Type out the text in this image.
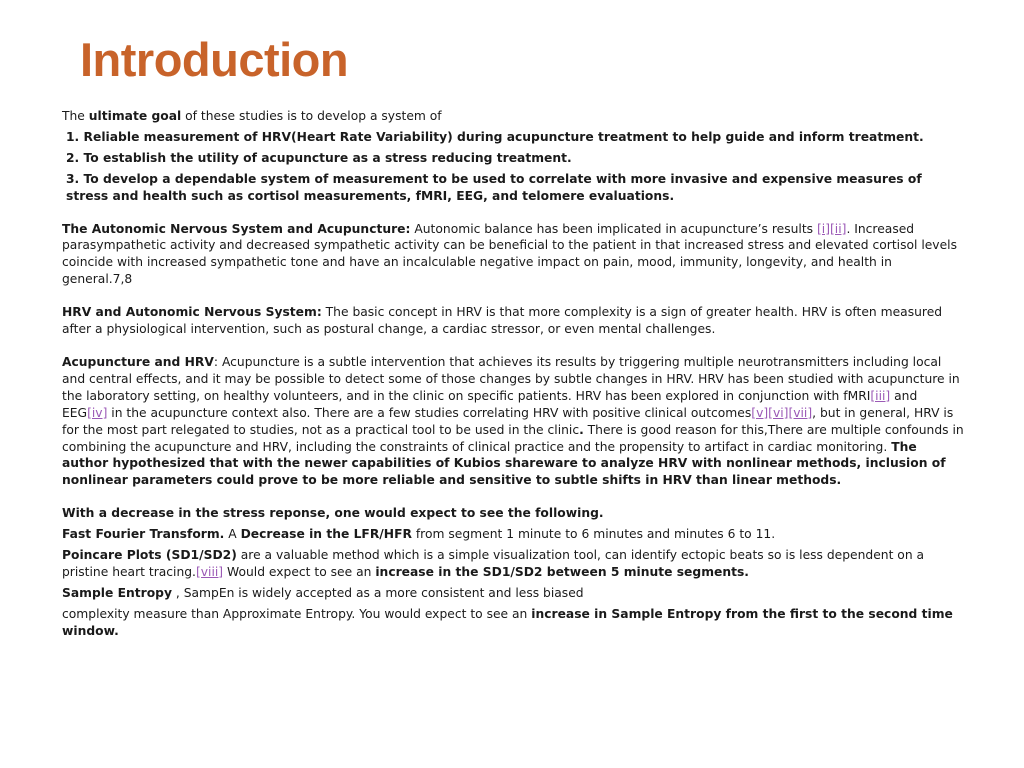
Introduction

The ultimate goal of these studies is to develop a system of

1. Reliable measurement of HRV(Heart Rate Variability) during acupuncture treatment to help guide and inform treatment.

2. To establish the utility of acupuncture as a stress reducing treatment.

3. To develop a dependable system of measurement to be used to correlate with more invasive and expensive measures of stress and health such as cortisol measurements, fMRI, EEG, and telomere evaluations.

The Autonomic Nervous System and Acupuncture: Autonomic balance has been implicated in acupuncture’s results [i][ii]. Increased parasympathetic activity and decreased sympathetic activity can be beneficial to the patient in that increased stress and elevated cortisol levels coincide with increased sympathetic tone and have an incalculable negative impact on pain, mood, immunity, longevity, and health in general.7,8

HRV and Autonomic Nervous System: The basic concept in HRV is that more complexity is a sign of greater health. HRV is often measured after a physiological intervention, such as postural change, a cardiac stressor, or even mental challenges.

Acupuncture and HRV: Acupuncture is a subtle intervention that achieves its results by triggering multiple neurotransmitters including local and central effects, and it may be possible to detect some of those changes by subtle changes in HRV. HRV has been studied with acupuncture in the laboratory setting, on healthy volunteers, and in the clinic on specific patients. HRV has been explored in conjunction with fMRI[iii] and EEG[iv] in the acupuncture context also. There are a few studies correlating HRV with positive clinical outcomes[v][vi][vii], but in general, HRV is for the most part relegated to studies, not as a practical tool to be used in the clinic. There is good reason for this,There are multiple confounds in combining the acupuncture and HRV, including the constraints of clinical practice and the propensity to artifact in cardiac monitoring. The author hypothesized that with the newer capabilities of Kubios shareware to analyze HRV with nonlinear methods, inclusion of nonlinear parameters could prove to be more reliable and sensitive to subtle shifts in HRV than linear methods.

With a decrease in the stress reponse, one would expect to see the following.

Fast Fourier Transform. A Decrease in the LFR/HFR from segment 1 minute to 6 minutes and minutes 6 to 11.

Poincare Plots (SD1/SD2) are a valuable method which is a simple visualization tool, can identify ectopic beats so is less dependent on a pristine heart tracing.[viii] Would expect to see an increase in the SD1/SD2 between 5 minute segments.

Sample Entropy , SampEn is widely accepted as a more consistent and less biased

complexity measure than Approximate Entropy. You would expect to see an increase in Sample Entropy from the first to the second time window.
